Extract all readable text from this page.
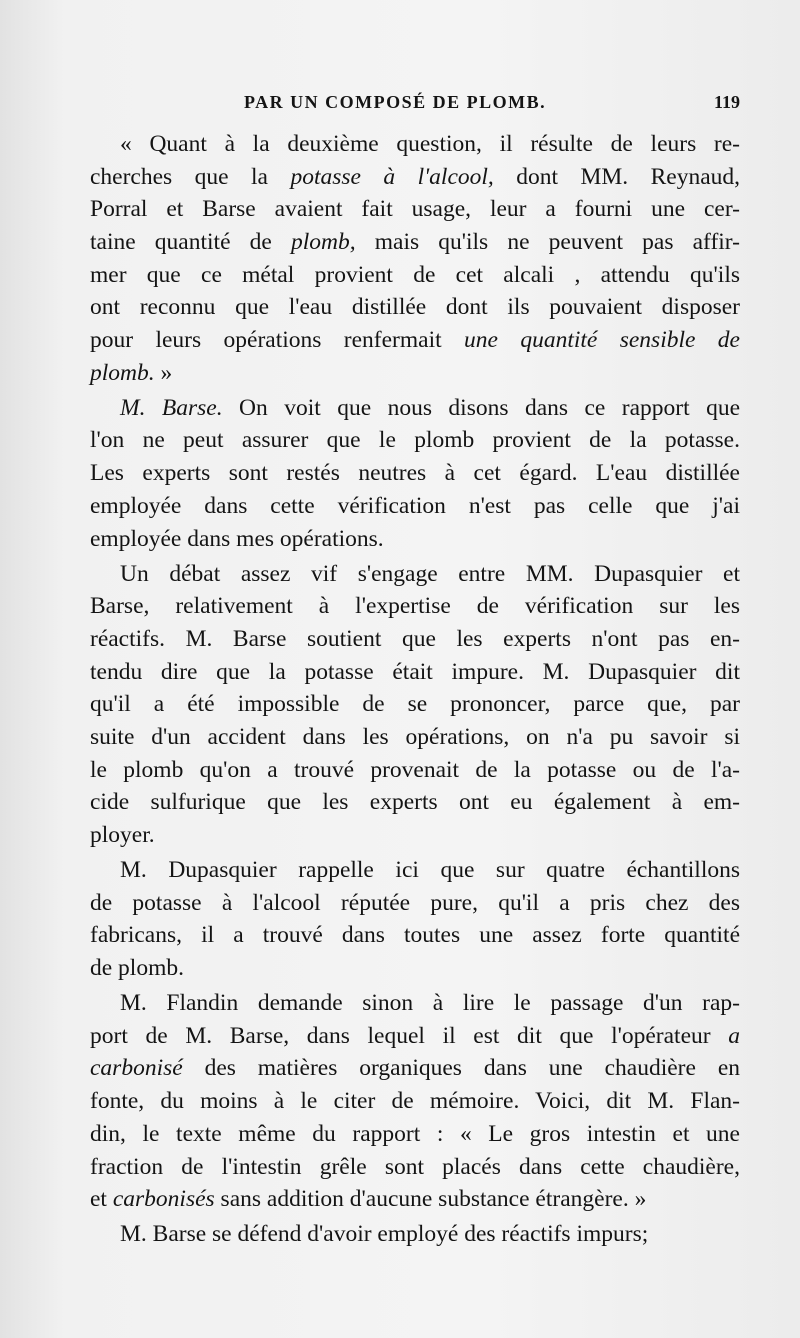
PAR UN COMPOSÉ DE PLOMB.	119
« Quant à la deuxième question, il résulte de leurs re-
cherches que la potasse à l'alcool, dont MM. Reynaud,
Porral et Barse avaient fait usage, leur a fourni une cer-
taine quantité de plomb, mais qu'ils ne peuvent pas affir-
mer que ce métal provient de cet alcali , attendu qu'ils
ont reconnu que l'eau distillée dont ils pouvaient disposer
pour leurs opérations renfermait une quantité sensible de
plomb. »
M. Barse. On voit que nous disons dans ce rapport que
l'on ne peut assurer que le plomb provient de la potasse.
Les experts sont restés neutres à cet égard. L'eau distillée
employée dans cette vérification n'est pas celle que j'ai
employée dans mes opérations.
Un débat assez vif s'engage entre MM. Dupasquier et
Barse, relativement à l'expertise de vérification sur les
réactifs. M. Barse soutient que les experts n'ont pas en-
tendu dire que la potasse était impure. M. Dupasquier dit
qu'il a été impossible de se prononcer, parce que, par
suite d'un accident dans les opérations, on n'a pu savoir si
le plomb qu'on a trouvé provenait de la potasse ou de l'a-
cide sulfurique que les experts ont eu également à em-
ployer.
M. Dupasquier rappelle ici que sur quatre échantillons
de potasse à l'alcool réputée pure, qu'il a pris chez des
fabricans, il a trouvé dans toutes une assez forte quantité
de plomb.
M. Flandin demande sinon à lire le passage d'un rap-
port de M. Barse, dans lequel il est dit que l'opérateur a
carbonisé des matières organiques dans une chaudière en
fonte, du moins à le citer de mémoire. Voici, dit M. Flan-
din, le texte même du rapport : « Le gros intestin et une
fraction de l'intestin grêle sont placés dans cette chaudière,
et carbonisés sans addition d'aucune substance étrangère. »
M. Barse se défend d'avoir employé des réactifs impurs;
